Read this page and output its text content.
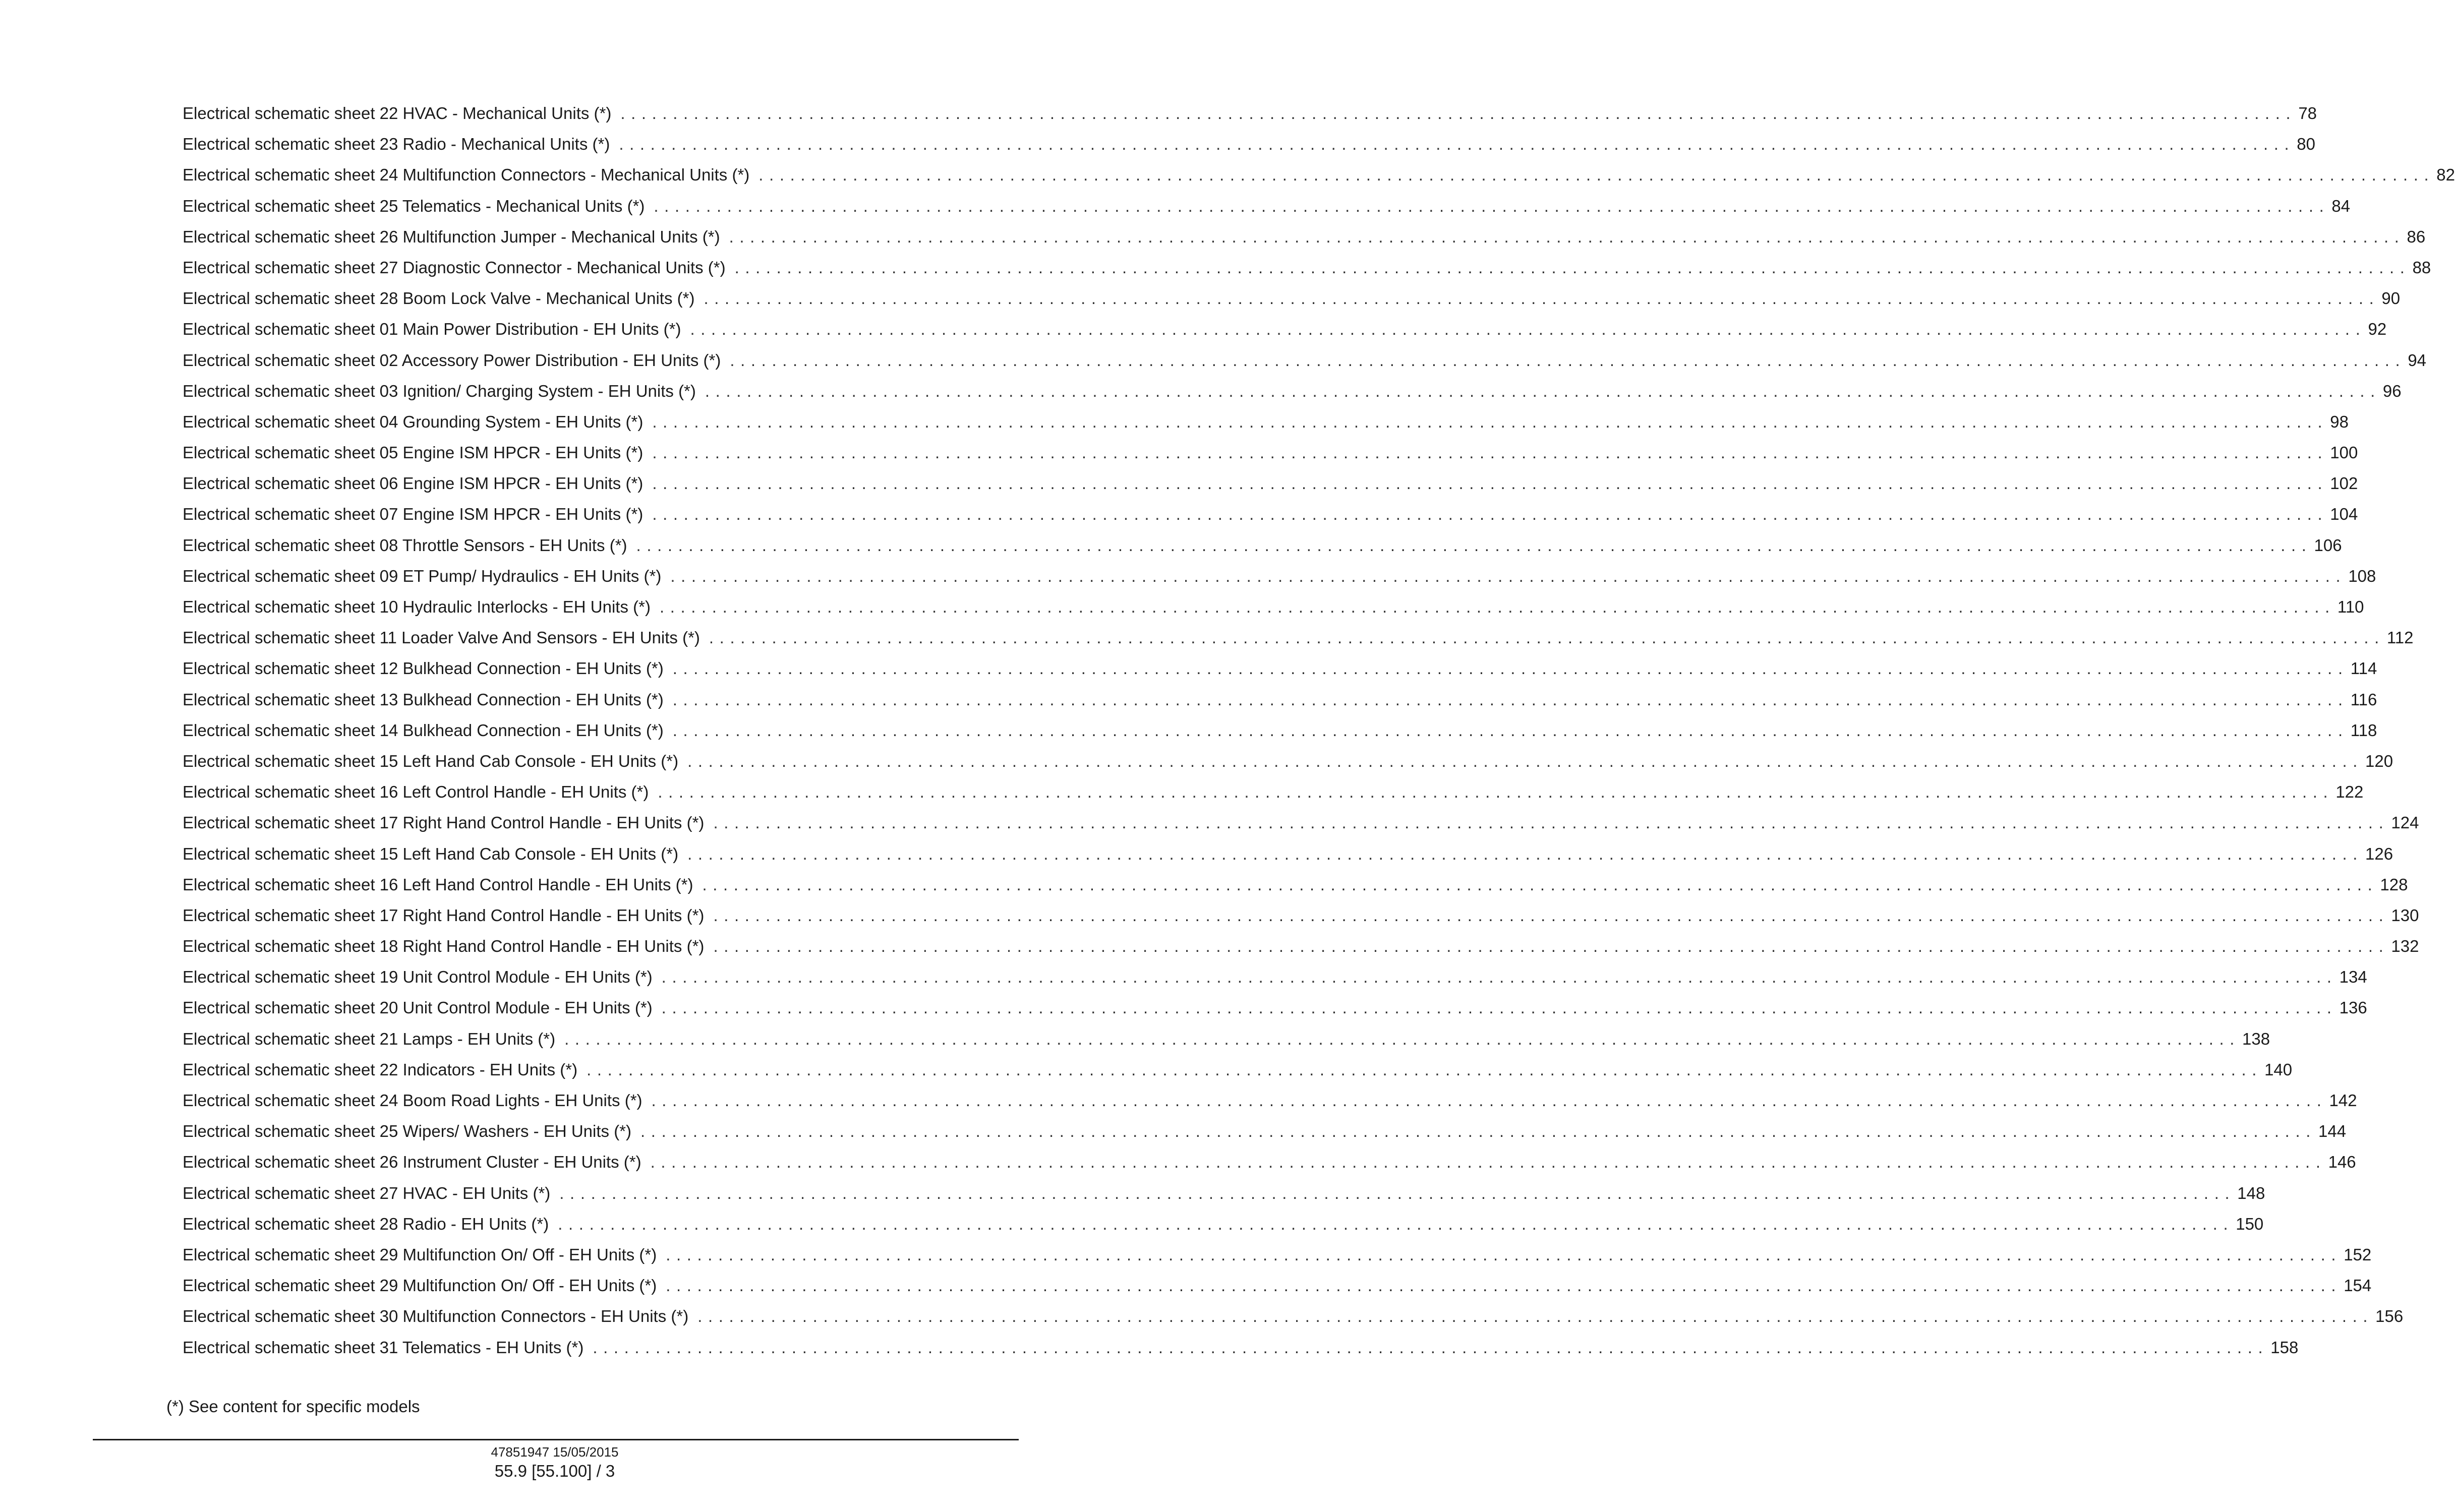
Electrical schematic sheet 22 HVAC - Mechanical Units (*) ................................................................................................................................................................ 78
Electrical schematic sheet 23 Radio - Mechanical Units (*) ................................................................................................................................................................ 80
Electrical schematic sheet 24 Multifunction Connectors - Mechanical Units (*) ................................................................................................................................................................ 82
Electrical schematic sheet 25 Telematics - Mechanical Units (*) ................................................................................................................................................................ 84
Electrical schematic sheet 26 Multifunction Jumper - Mechanical Units (*) ................................................................................................................................................................ 86
Electrical schematic sheet 27 Diagnostic Connector - Mechanical Units (*) ................................................................................................................................................................ 88
Electrical schematic sheet 28 Boom Lock Valve - Mechanical Units (*) ................................................................................................................................................................ 90
Electrical schematic sheet 01 Main Power Distribution - EH Units (*) ................................................................................................................................................................ 92
Electrical schematic sheet 02 Accessory Power Distribution - EH Units (*) ................................................................................................................................................................ 94
Electrical schematic sheet 03 Ignition/ Charging System - EH Units (*) ................................................................................................................................................................ 96
Electrical schematic sheet 04 Grounding System - EH Units (*) ................................................................................................................................................................ 98
Electrical schematic sheet 05 Engine ISM HPCR - EH Units (*) ................................................................................................................................................................ 100
Electrical schematic sheet 06 Engine ISM HPCR - EH Units (*) ................................................................................................................................................................ 102
Electrical schematic sheet 07 Engine ISM HPCR - EH Units (*) ................................................................................................................................................................ 104
Electrical schematic sheet 08 Throttle Sensors - EH Units (*) ................................................................................................................................................................ 106
Electrical schematic sheet 09 ET Pump/ Hydraulics - EH Units (*) ................................................................................................................................................................ 108
Electrical schematic sheet 10 Hydraulic Interlocks - EH Units (*) ................................................................................................................................................................ 110
Electrical schematic sheet 11 Loader Valve And Sensors - EH Units (*) ................................................................................................................................................................ 112
Electrical schematic sheet 12 Bulkhead Connection - EH Units (*) ................................................................................................................................................................ 114
Electrical schematic sheet 13 Bulkhead Connection - EH Units (*) ................................................................................................................................................................ 116
Electrical schematic sheet 14 Bulkhead Connection - EH Units (*) ................................................................................................................................................................ 118
Electrical schematic sheet 15 Left Hand Cab Console - EH Units (*) ................................................................................................................................................................ 120
Electrical schematic sheet 16 Left Control Handle - EH Units (*) ................................................................................................................................................................ 122
Electrical schematic sheet 17 Right Hand Control Handle - EH Units (*) ................................................................................................................................................................ 124
Electrical schematic sheet 15 Left Hand Cab Console - EH Units (*) ................................................................................................................................................................ 126
Electrical schematic sheet 16 Left Hand Control Handle - EH Units (*) ................................................................................................................................................................ 128
Electrical schematic sheet 17 Right Hand Control Handle - EH Units (*) ................................................................................................................................................................ 130
Electrical schematic sheet 18 Right Hand Control Handle - EH Units (*) ................................................................................................................................................................ 132
Electrical schematic sheet 19 Unit Control Module - EH Units (*) ................................................................................................................................................................ 134
Electrical schematic sheet 20 Unit Control Module - EH Units (*) ................................................................................................................................................................ 136
Electrical schematic sheet 21 Lamps - EH Units (*) ................................................................................................................................................................ 138
Electrical schematic sheet 22 Indicators - EH Units (*) ................................................................................................................................................................ 140
Electrical schematic sheet 24 Boom Road Lights - EH Units (*) ................................................................................................................................................................ 142
Electrical schematic sheet 25 Wipers/ Washers - EH Units (*) ................................................................................................................................................................ 144
Electrical schematic sheet 26 Instrument Cluster - EH Units (*) ................................................................................................................................................................ 146
Electrical schematic sheet 27 HVAC - EH Units (*) ................................................................................................................................................................ 148
Electrical schematic sheet 28 Radio - EH Units (*) ................................................................................................................................................................ 150
Electrical schematic sheet 29 Multifunction On/ Off - EH Units (*) ................................................................................................................................................................ 152
Electrical schematic sheet 29 Multifunction On/ Off - EH Units (*) ................................................................................................................................................................ 154
Electrical schematic sheet 30 Multifunction Connectors - EH Units (*) ................................................................................................................................................................ 156
Electrical schematic sheet 31 Telematics - EH Units (*) ................................................................................................................................................................ 158
(*) See content for specific models
47851947 15/05/2015
55.9 [55.100] / 3
